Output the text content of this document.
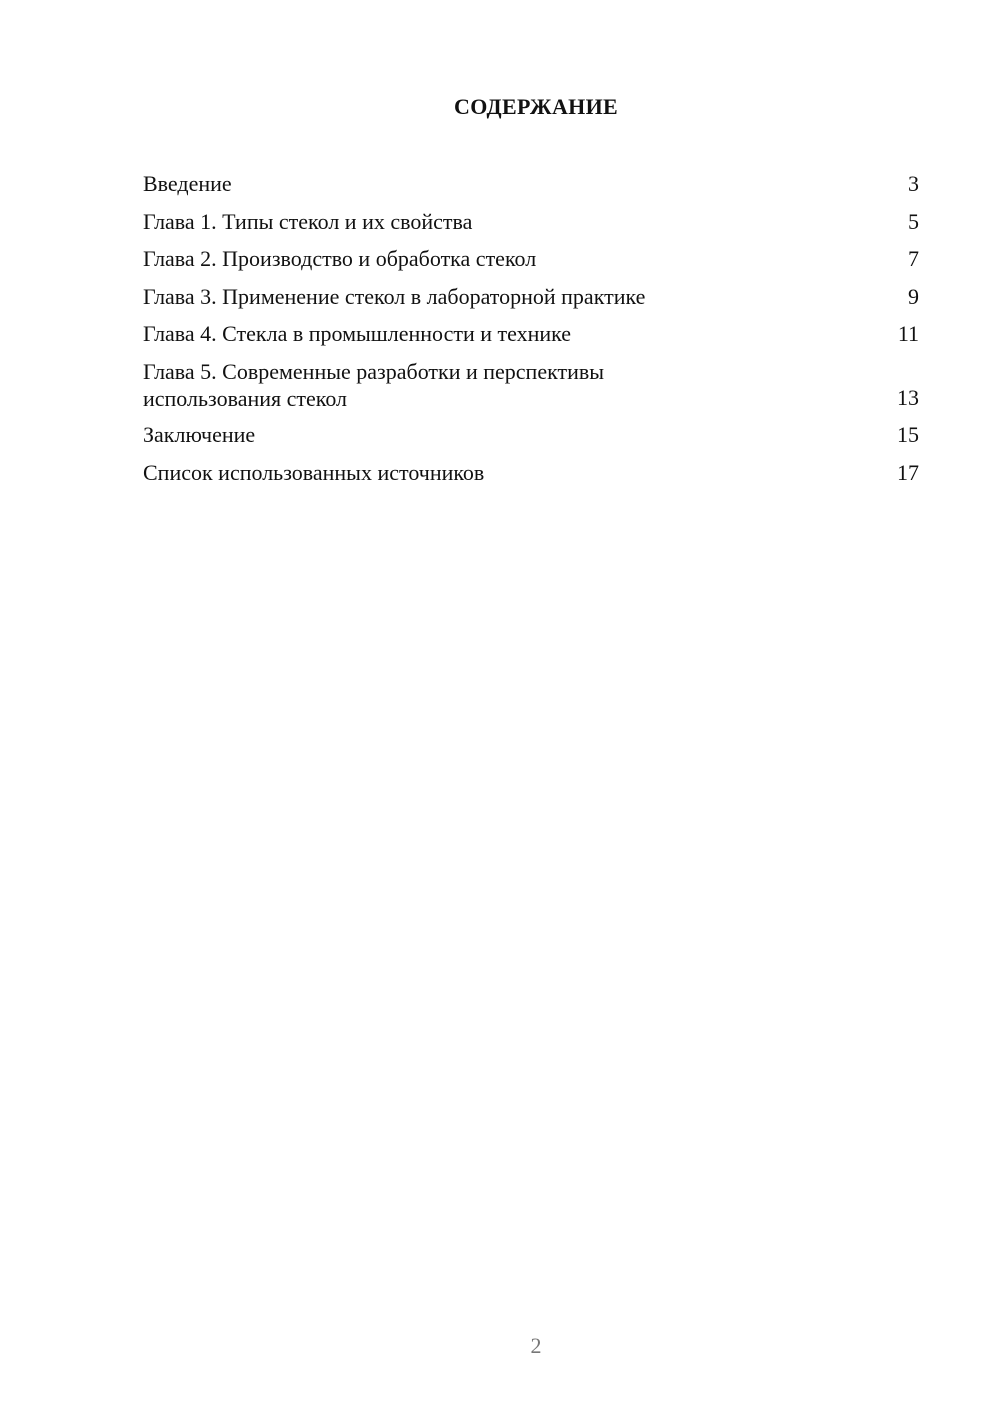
СОДЕРЖАНИЕ
Введение	3
Глава 1. Типы стекол и их свойства	5
Глава 2. Производство и обработка стекол	7
Глава 3. Применение стекол в лабораторной практике	9
Глава 4. Стекла в промышленности и технике	11
Глава 5. Современные разработки и перспективы использования стекол	13
Заключение	15
Список использованных источников	17
2
